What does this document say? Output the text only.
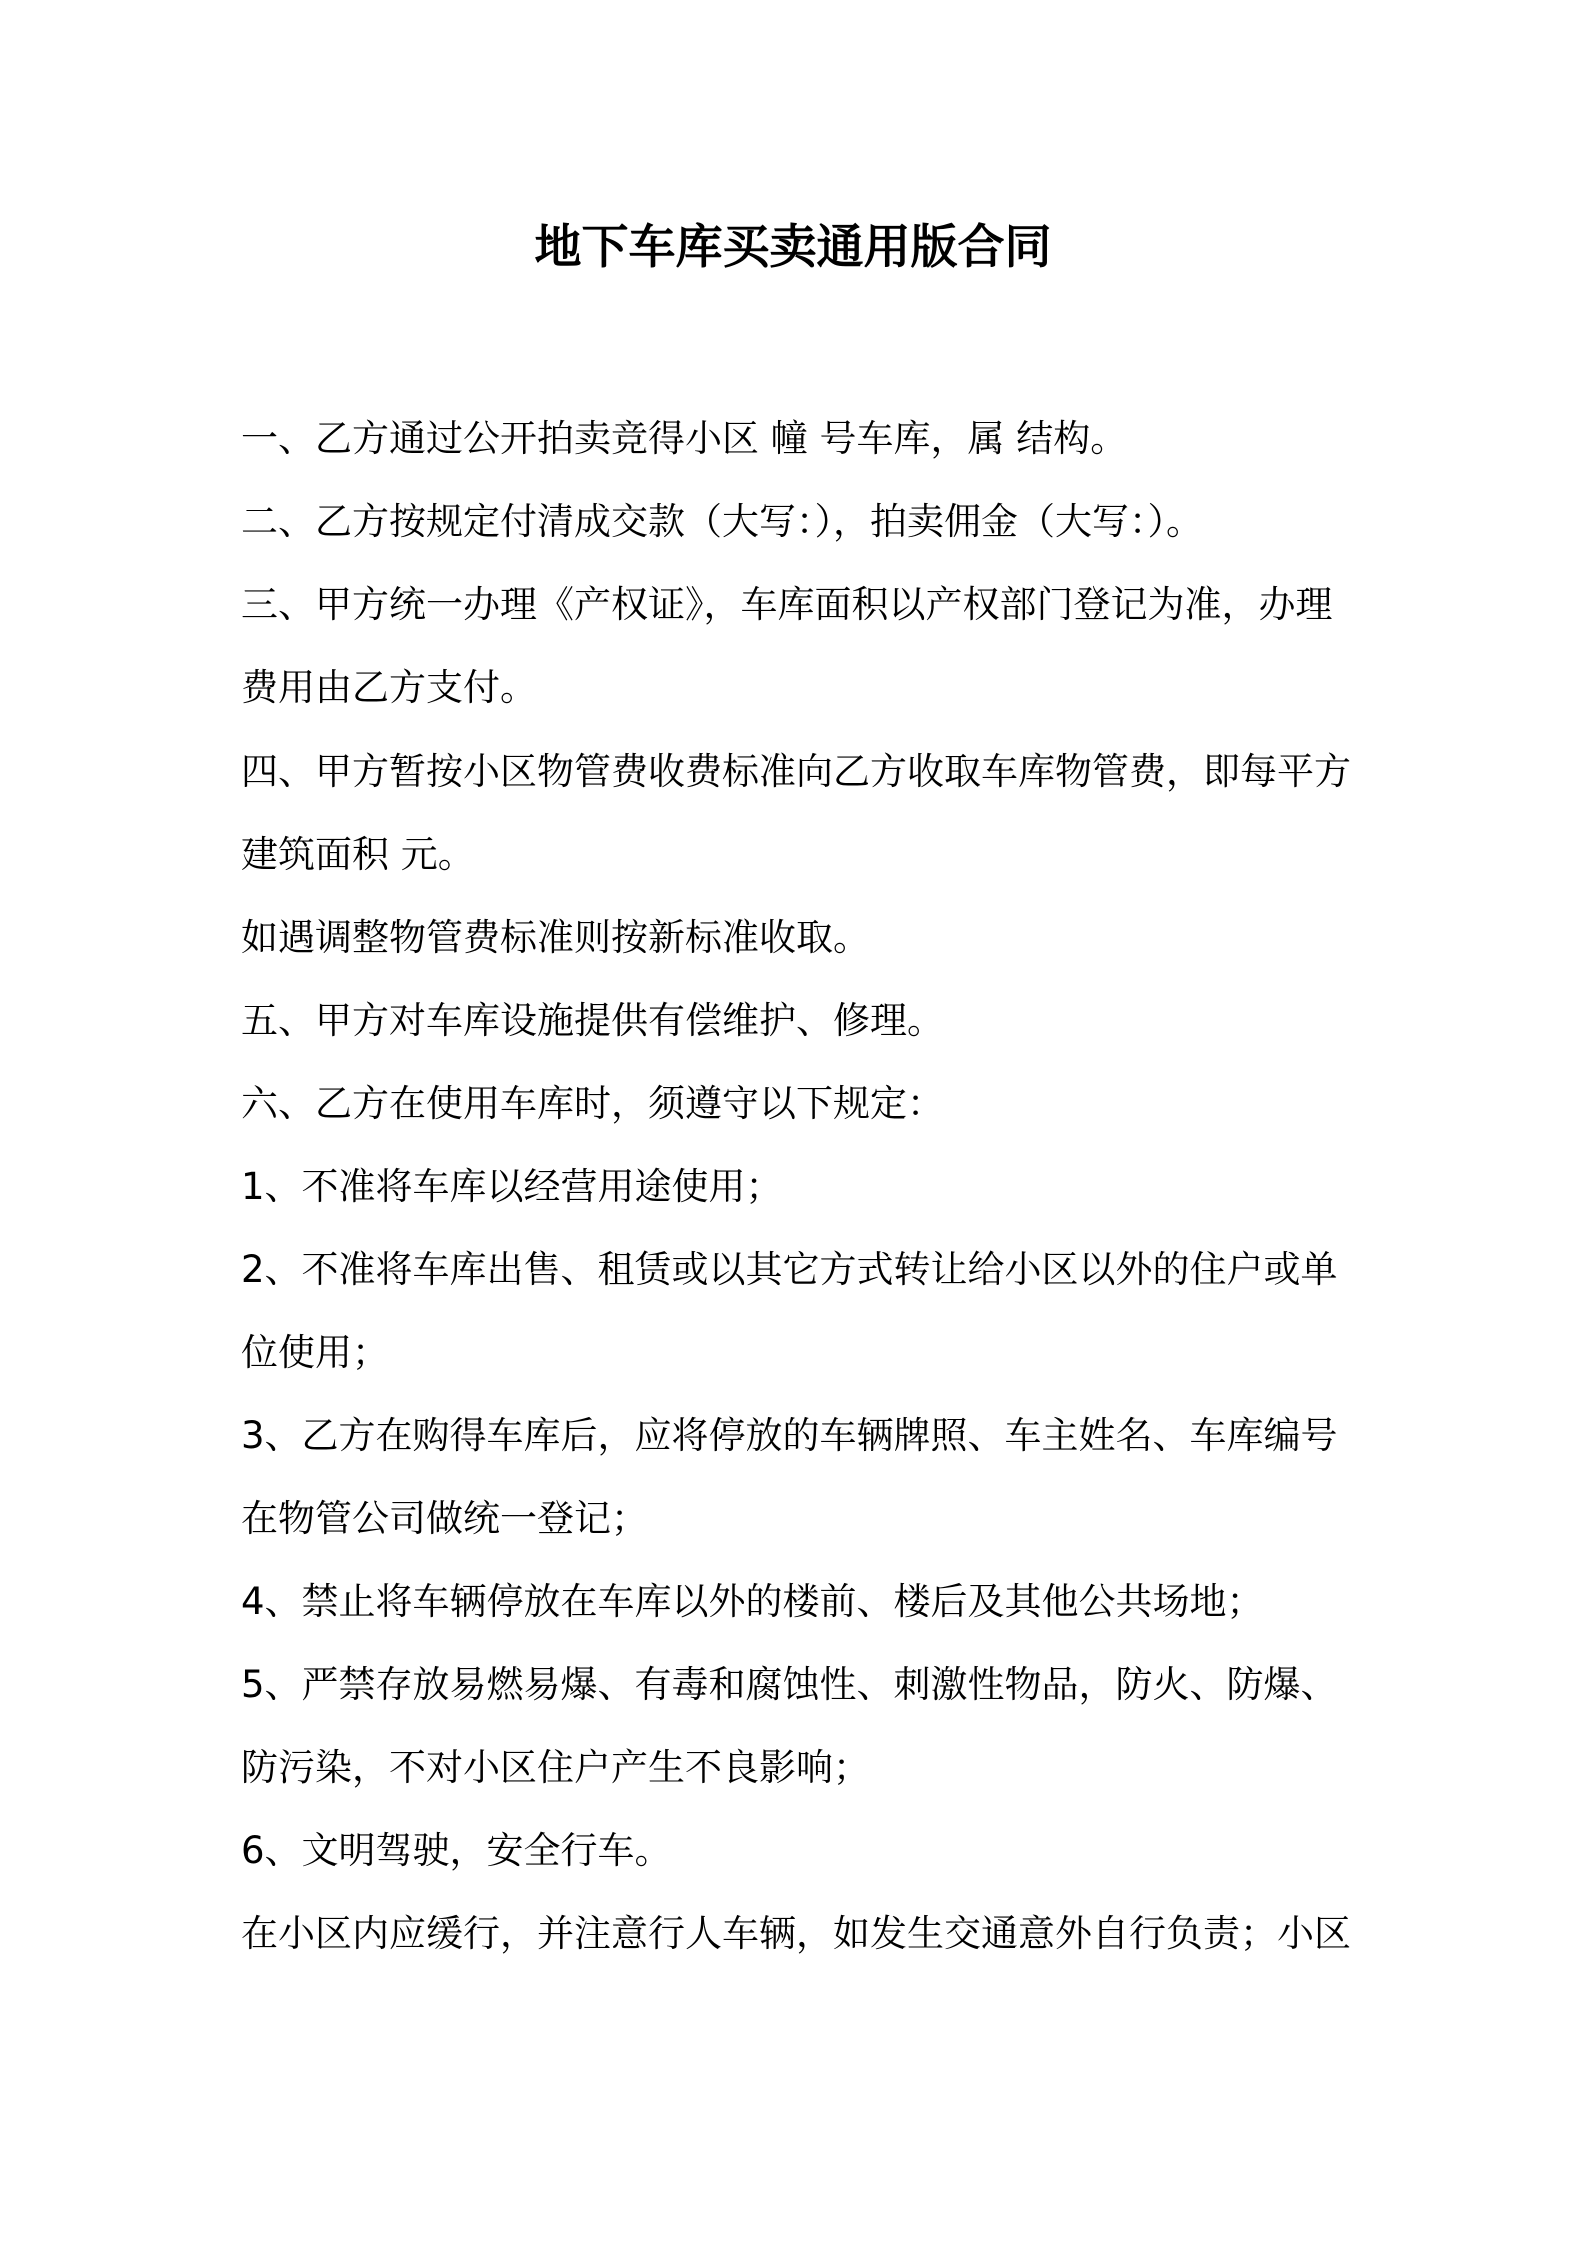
地下车库买卖通用版合同

一、乙方通过公开拍卖竞得小区 幢 号车库，属 结构。

二、乙方按规定付清成交款（大写：），拍卖佣金（大写：）。

三、甲方统一办理《产权证》，车库面积以产权部门登记为准，办理

费用由乙方支付。

四、甲方暂按小区物管费收费标准向乙方收取车库物管费，即每平方

建筑面积 元。

如遇调整物管费标准则按新标准收取。

五、甲方对车库设施提供有偿维护、修理。

六、乙方在使用车库时，须遵守以下规定：

1、不准将车库以经营用途使用；

2、不准将车库出售、租赁或以其它方式转让给小区以外的住户或单

位使用；

3、乙方在购得车库后，应将停放的车辆牌照、车主姓名、车库编号

在物管公司做统一登记；

4、禁止将车辆停放在车库以外的楼前、楼后及其他公共场地；

5、严禁存放易燃易爆、有毒和腐蚀性、刺激性物品，防火、防爆、

防污染，不对小区住户产生不良影响；

6、文明驾驶，安全行车。

在小区内应缓行，并注意行人车辆，如发生交通意外自行负责；小区
